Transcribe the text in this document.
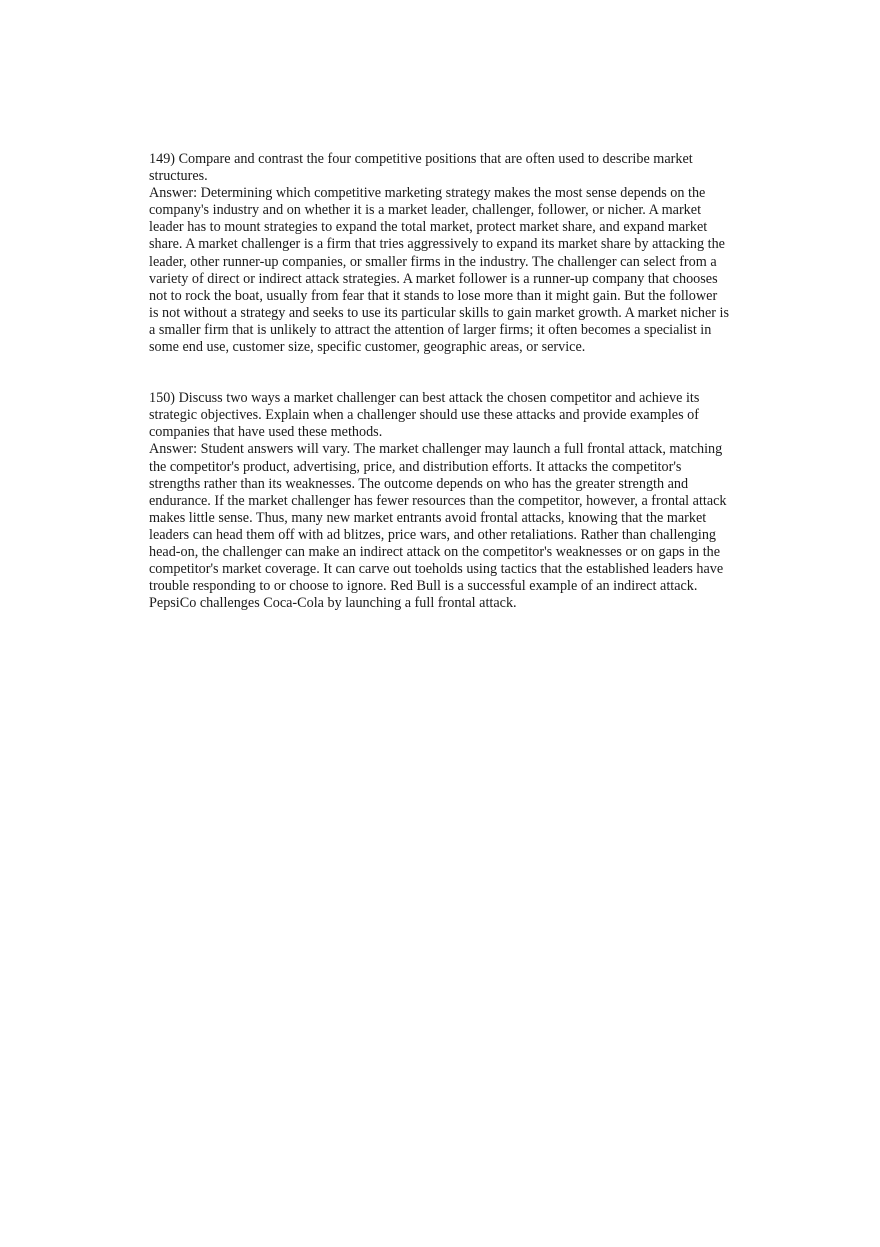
149) Compare and contrast the four competitive positions that are often used to describe market structures.

Answer: Determining which competitive marketing strategy makes the most sense depends on the company's industry and on whether it is a market leader, challenger, follower, or nicher. A market leader has to mount strategies to expand the total market, protect market share, and expand market share. A market challenger is a firm that tries aggressively to expand its market share by attacking the leader, other runner-up companies, or smaller firms in the industry. The challenger can select from a variety of direct or indirect attack strategies. A market follower is a runner-up company that chooses not to rock the boat, usually from fear that it stands to lose more than it might gain. But the follower is not without a strategy and seeks to use its particular skills to gain market growth. A market nicher is a smaller firm that is unlikely to attract the attention of larger firms; it often becomes a specialist in some end use, customer size, specific customer, geographic areas, or service.

150) Discuss two ways a market challenger can best attack the chosen competitor and achieve its strategic objectives. Explain when a challenger should use these attacks and provide examples of companies that have used these methods.

Answer: Student answers will vary. The market challenger may launch a full frontal attack, matching the competitor's product, advertising, price, and distribution efforts. It attacks the competitor's strengths rather than its weaknesses. The outcome depends on who has the greater strength and endurance. If the market challenger has fewer resources than the competitor, however, a frontal attack makes little sense. Thus, many new market entrants avoid frontal attacks, knowing that the market leaders can head them off with ad blitzes, price wars, and other retaliations. Rather than challenging head-on, the challenger can make an indirect attack on the competitor's weaknesses or on gaps in the competitor's market coverage. It can carve out toeholds using tactics that the established leaders have trouble responding to or choose to ignore. Red Bull is a successful example of an indirect attack. PepsiCo challenges Coca-Cola by launching a full frontal attack.
